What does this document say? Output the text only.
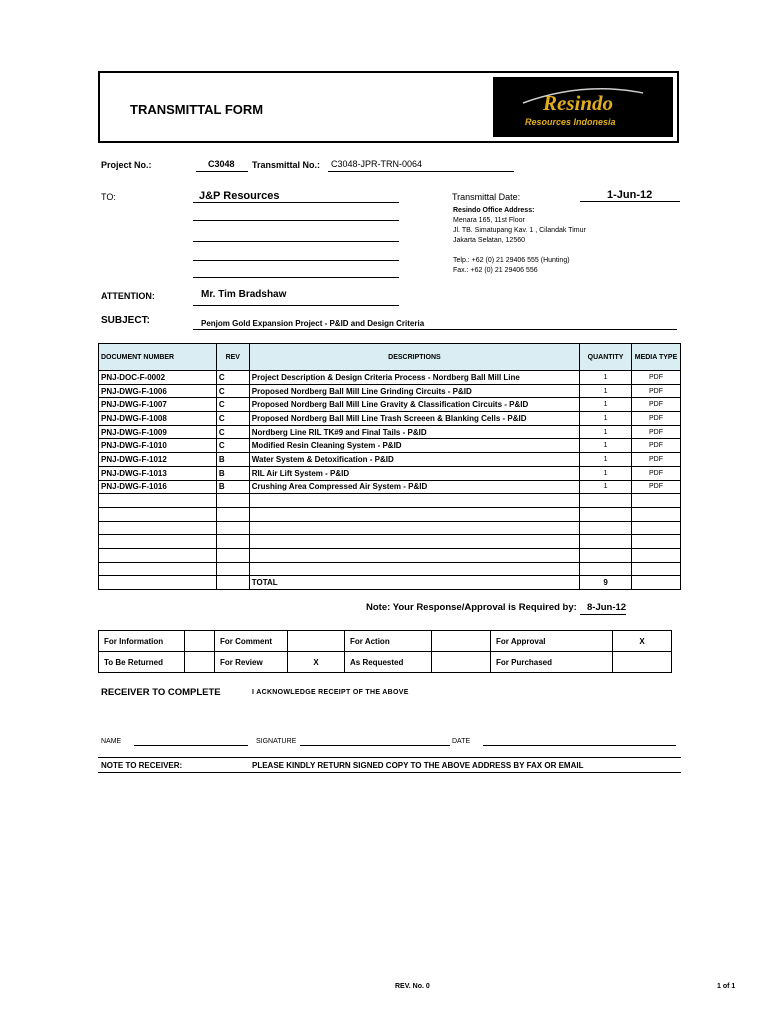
TRANSMITTAL FORM	Resindo
Resources Indonesia
Project No.:	C3048 Transmittal No.: C3048-JPR-TRN-0064
TO:	J&P Resources	Transmittal Date:	1-Jun-12
Resindo Office Address:
Menara 165, 11st Floor
Jl. TB. Simatupang Kav. 1 , Cilandak Timur
Jakarta Selatan, 12560
Telp.: +62 (0) 21 29406 555 (Hunting)
Fax.: +62 (0) 21 29406 556
ATTENTION:	Mr. Tim Bradshaw
SUBJECT:	Penjom Gold Expansion Project - P&ID and Design Criteria
DOCUMENT NUMBER	REV	DESCRIPTIONS	QUANTITY	MEDIA TYPE
PNJ-DOC-F-0002	C	Project Description & Design Criteria Process - Nordberg Ball Mill Line	1	PDF
PNJ-DWG-F-1006	C	Proposed Nordberg Ball Mill Line Grinding Circuits - P&ID	1	PDF
PNJ-DWG-F-1007	C	Proposed Nordberg Ball Mill Line Gravity & Classification Circuits - P&ID	1	PDF
PNJ-DWG-F-1008	C	Proposed Nordberg Ball Mill Line Trash Screeen & Blanking Cells - P&ID	1	PDF
PNJ-DWG-F-1009	C	Nordberg Line RIL TK#9 and Final Tails - P&ID	1	PDF
PNJ-DWG-F-1010	C	Modified Resin Cleaning System - P&ID	1	PDF
PNJ-DWG-F-1012	B	Water System & Detoxification - P&ID	1	PDF
PNJ-DWG-F-1013	B	RIL Air Lift System - P&ID	1	PDF
PNJ-DWG-F-1016	B	Crushing Area Compressed Air System - P&ID	1	PDF

		TOTAL	9	
Note: Your Response/Approval is Required by: 8-Jun-12
For Information		For Comment		For Action		For Approval	X
To Be Returned		For Review	X	As Requested		For Purchased	
RECEIVER TO COMPLETE	I ACKNOWLEDGE RECEIPT OF THE ABOVE
NAME	SIGNATURE	DATE
NOTE TO RECEIVER:	PLEASE KINDLY RETURN SIGNED COPY TO THE ABOVE ADDRESS BY FAX OR EMAIL
REV. No. 0	1 of 1
